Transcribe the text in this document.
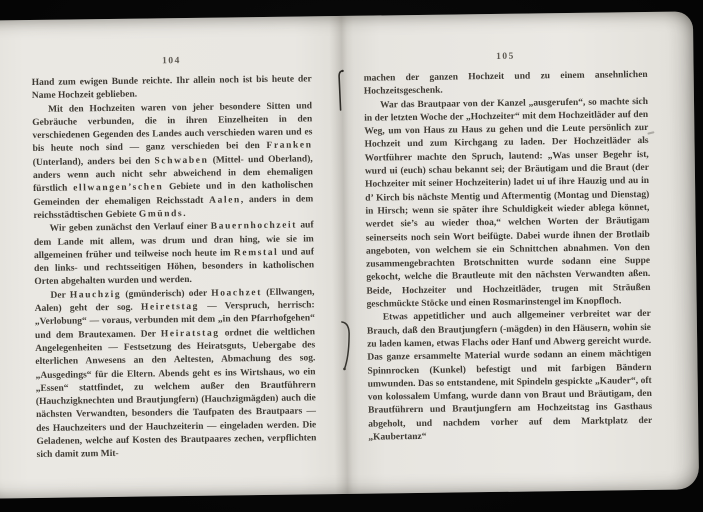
104

Hand zum ewigen Bunde reichte. Ihr allein noch ist bis heute der Name Hochzeit geblieben.

Mit den Hochzeiten waren von jeher besondere Sitten und Gebräuche verbunden, die in ihren Einzelheiten in den verschiedenen Gegenden des Landes auch verschieden waren und es bis heute noch sind — ganz verschieden bei den Franken (Unterland), anders bei den Schwaben (Mittel- und Oberland), anders wenn auch nicht sehr abweichend in dem ehemaligen fürstlich ellwangen’schen Gebiete und in den katholischen Gemeinden der ehemaligen Reichsstadt Aalen, anders in dem reichsstädtischen Gebiete Gmünds.

Wir geben zunächst den Verlauf einer Bauernhochzeit auf dem Lande mit allem, was drum und dran hing, wie sie im allgemeinen früher und teilweise noch heute im Remstal und auf den links- und rechtsseitigen Höhen, besonders in katholischen Orten abgehalten wurden und werden.

Der Hauchzig (gmünderisch) oder Hoachzet (Ellwangen, Aalen) geht der sog. Heiretstag — Verspruch, herrisch: „Verlobung“ — voraus, verbunden mit dem „in den Pfarrhofgehen“ und dem Brautexamen. Der Heiratstag ordnet die weltlichen Angelegenheiten — Festsetzung des Heiratsguts, Uebergabe des elterlichen Anwesens an den Aeltesten, Abmachung des sog. „Ausgedings“ für die Eltern. Abends geht es ins Wirtshaus, wo ein „Essen“ stattfindet, zu welchem außer den Brautführern (Hauchzigknechten und Brautjungfern) (Hauchzigmägden) auch die nächsten Verwandten, besonders die Taufpaten des Brautpaars — des Hauchzeiters und der Hauchzeiterin — eingeladen werden. Die Geladenen, welche auf Kosten des Brautpaares zechen, verpflichten sich damit zum Mit-

105

machen der ganzen Hochzeit und zu einem ansehnlichen Hochzeitsgeschenk.

War das Brautpaar von der Kanzel „ausgerufen“, so machte sich in der letzten Woche der „Hochzeiter“ mit dem Hochzeitläder auf den Weg, um von Haus zu Haus zu gehen und die Leute persönlich zur Hochzeit und zum Kirchgang zu laden. Der Hochzeitläder als Wortführer machte den Spruch, lautend: „Was unser Begehr ist, wurd ui (euch) schau bekannt sei; der Bräutigam und die Braut (der Hochzeiter mit seiner Hochzeiterin) ladet ui uf ihre Hauzig und au in d’ Kirch bis nächste Mentig und Aftermentig (Montag und Dienstag) in Hirsch; wenn sie später ihre Schuldigkeit wieder ablega könnet, werdet sie’s au wieder thoa,“ welchen Worten der Bräutigam seinerseits noch sein Wort beifügte. Dabei wurde ihnen der Brotlaib angeboten, von welchem sie ein Schnittchen abnahmen. Von den zusammengebrachten Brotschnitten wurde sodann eine Suppe gekocht, welche die Brautleute mit den nächsten Verwandten aßen. Beide, Hochzeiter und Hochzeitläder, trugen mit Sträußen geschmückte Stöcke und einen Rosmarinstengel im Knopfloch.

Etwas appetitlicher und auch allgemeiner verbreitet war der Brauch, daß den Brautjungfern (-mägden) in den Häusern, wohin sie zu laden kamen, etwas Flachs oder Hanf und Abwerg gereicht wurde. Das ganze ersammelte Material wurde sodann an einem mächtigen Spinnrocken (Kunkel) befestigt und mit farbigen Bändern umwunden. Das so entstandene, mit Spindeln gespickte „Kauder“, oft von kolossalem Umfang, wurde dann von Braut und Bräutigam, den Brautführern und Brautjungfern am Hochzeitstag ins Gasthaus abgeholt, und nachdem vorher auf dem Marktplatz der „Kaubertanz“
